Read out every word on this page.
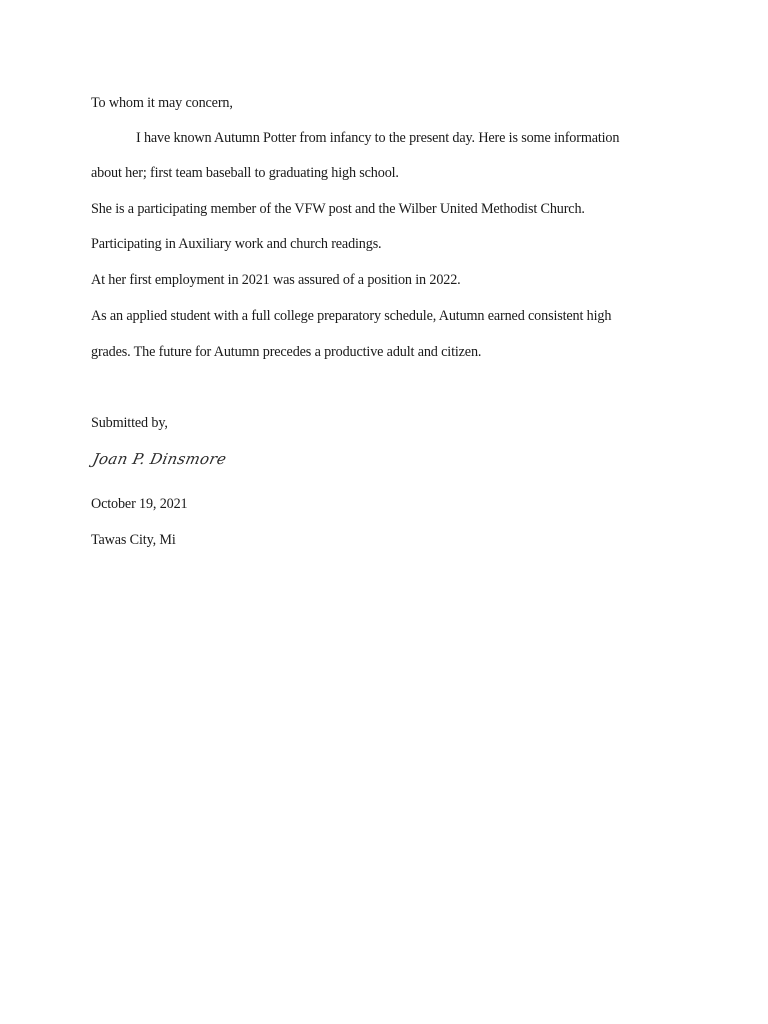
To whom it may concern,
I have known Autumn Potter from infancy to the present day. Here is some information
about her; first team baseball to graduating high school.
She is a participating member of the VFW post and the Wilber United Methodist Church.
Participating in Auxiliary work and church readings.
At her first employment in 2021 was assured of a position in 2022.
As an applied student with a full college preparatory schedule, Autumn earned consistent high
grades. The future for Autumn precedes a productive adult and citizen.
Submitted by,
Joan P. Dinsmore
October 19, 2021
Tawas City, Mi
